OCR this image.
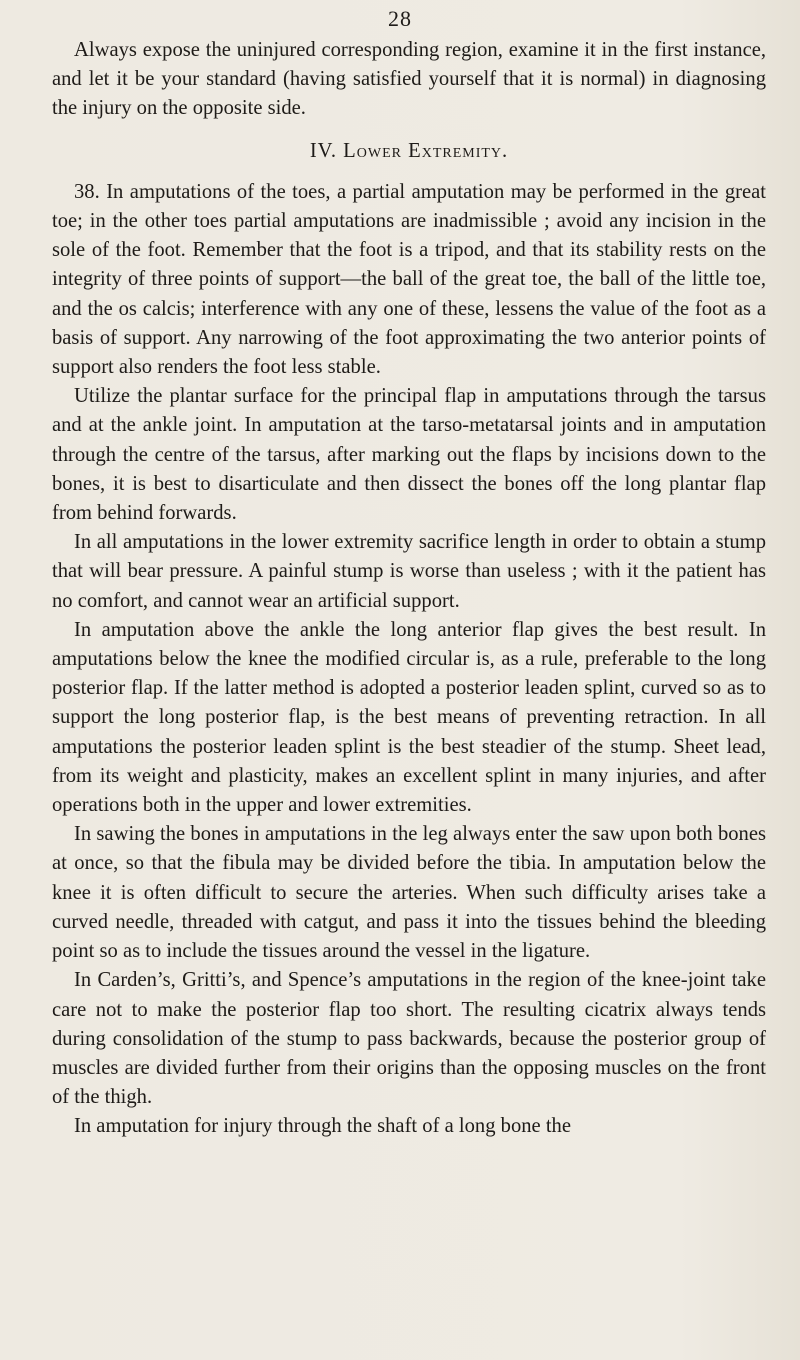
28

Always expose the uninjured corresponding region, examine it in the first instance, and let it be your standard (having satisfied yourself that it is normal) in diagnosing the injury on the opposite side.

IV. Lower Extremity.

38. In amputations of the toes, a partial amputation may be performed in the great toe; in the other toes partial amputations are inadmissible ; avoid any incision in the sole of the foot. Remember that the foot is a tripod, and that its stability rests on the integrity of three points of support—the ball of the great toe, the ball of the little toe, and the os calcis; interference with any one of these, lessens the value of the foot as a basis of support. Any narrowing of the foot approximating the two anterior points of support also renders the foot less stable.

Utilize the plantar surface for the principal flap in amputations through the tarsus and at the ankle joint. In amputation at the tarso-metatarsal joints and in amputation through the centre of the tarsus, after marking out the flaps by incisions down to the bones, it is best to disarticulate and then dissect the bones off the long plantar flap from behind forwards.

In all amputations in the lower extremity sacrifice length in order to obtain a stump that will bear pressure. A painful stump is worse than useless ; with it the patient has no comfort, and cannot wear an artificial support.

In amputation above the ankle the long anterior flap gives the best result. In amputations below the knee the modified circular is, as a rule, preferable to the long posterior flap. If the latter method is adopted a posterior leaden splint, curved so as to support the long posterior flap, is the best means of preventing retraction. In all amputations the posterior leaden splint is the best steadier of the stump. Sheet lead, from its weight and plasticity, makes an excellent splint in many injuries, and after operations both in the upper and lower extremities.

In sawing the bones in amputations in the leg always enter the saw upon both bones at once, so that the fibula may be divided before the tibia. In amputation below the knee it is often difficult to secure the arteries. When such difficulty arises take a curved needle, threaded with catgut, and pass it into the tissues behind the bleeding point so as to include the tissues around the vessel in the ligature.

In Carden’s, Gritti’s, and Spence’s amputations in the region of the knee-joint take care not to make the posterior flap too short. The resulting cicatrix always tends during consolidation of the stump to pass backwards, because the posterior group of muscles are divided further from their origins than the opposing muscles on the front of the thigh.

In amputation for injury through the shaft of a long bone the
